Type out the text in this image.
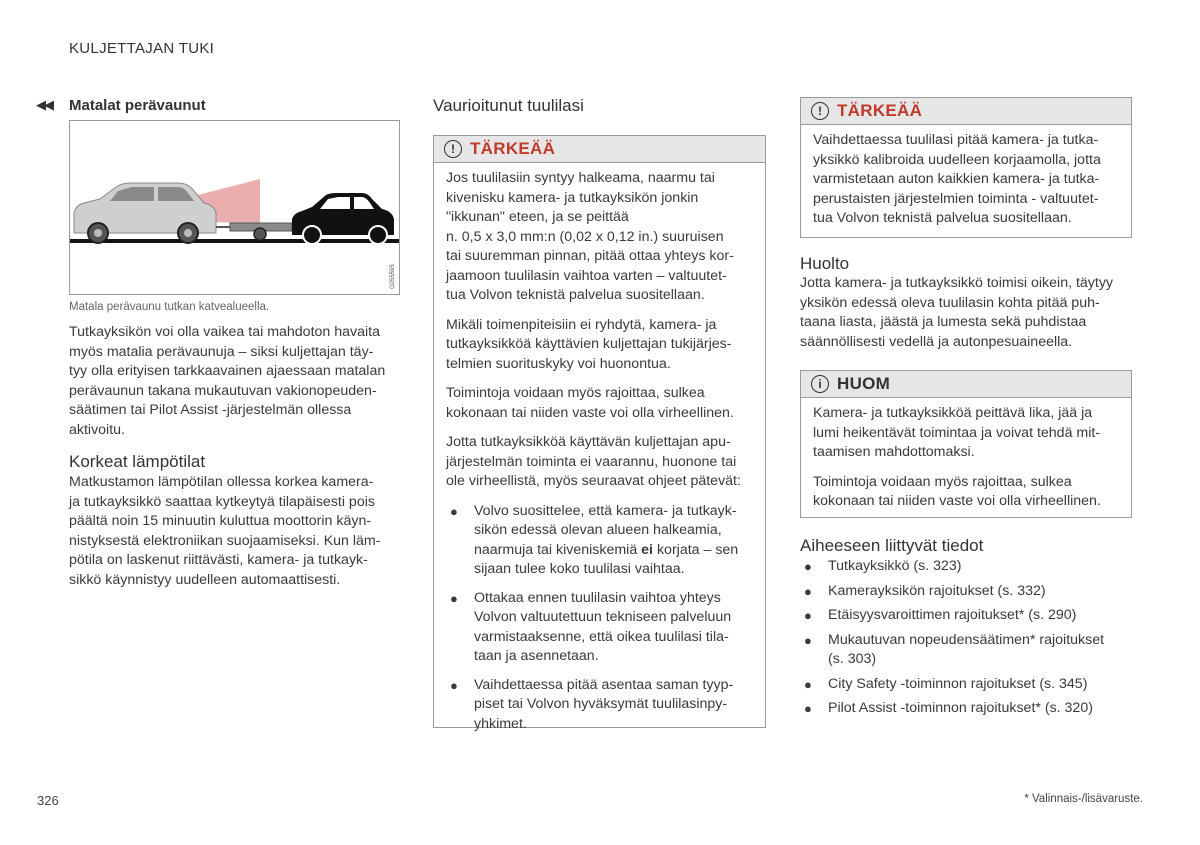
KULJETTAJAN TUKI
◀◀ Matalat perävaunut
G055595
Matala perävaunu tutkan katvealueella.

Tutkayksikön voi olla vaikea tai mahdoton havaita
myös matalia perävaunuja – siksi kuljettajan täy-
tyy olla erityisen tarkkaavainen ajaessaan matalan
perävaunun takana mukautuvan vakionopeuden-
säätimen tai Pilot Assist -järjestelmän ollessa
aktivoitu.

Korkeat lämpötilat

Matkustamon lämpötilan ollessa korkea kamera-
ja tutkayksikkö saattaa kytkeytyä tilapäisesti pois
päältä noin 15 minuutin kuluttua moottorin käyn-
nistyksestä elektroniikan suojaamiseksi. Kun läm-
pötila on laskenut riittävästi, kamera- ja tutkayk-
sikkö käynnistyy uudelleen automaattisesti.

Vaurioitunut tuulilasi
! TÄRKEÄÄ

Jos tuulilasiin syntyy halkeama, naarmu tai
kivenisku kamera- ja tutkayksikön jonkin
"ikkunan" eteen, ja se peittää
n. 0,5 x 3,0 mm:n (0,02 x 0,12 in.) suuruisen
tai suuremman pinnan, pitää ottaa yhteys kor-
jaamoon tuulilasin vaihtoa varten – valtuutet-
tua Volvon teknistä palvelua suositellaan.

Mikäli toimenpiteisiin ei ryhdytä, kamera- ja
tutkayksikköä käyttävien kuljettajan tukijärjes-
telmien suorituskyky voi huonontua.

Toimintoja voidaan myös rajoittaa, sulkea
kokonaan tai niiden vaste voi olla virheellinen.

Jotta tutkayksikköä käyttävän kuljettajan apu-
järjestelmän toiminta ei vaarannu, huonone tai
ole virheellistä, myös seuraavat ohjeet pätevät:

● Volvo suosittelee, että kamera- ja tutkayk-
sikön edessä olevan alueen halkeamia,
naarmuja tai kiveniskemiä ei korjata – sen
sijaan tulee koko tuulilasi vaihtaa.
● Ottakaa ennen tuulilasin vaihtoa yhteys
Volvon valtuutettuun tekniseen palveluun
varmistaaksenne, että oikea tuulilasi tila-
taan ja asennetaan.
● Vaihdettaessa pitää asentaa saman tyyp-
piset tai Volvon hyväksymät tuulilasinpy-
yhkimet.
! TÄRKEÄÄ

Vaihdettaessa tuulilasi pitää kamera- ja tutka-
yksikkö kalibroida uudelleen korjaamolla, jotta
varmistetaan auton kaikkien kamera- ja tutka-
perustaisten järjestelmien toiminta - valtuutet-
tua Volvon teknistä palvelua suositellaan.

Huolto

Jotta kamera- ja tutkayksikkö toimisi oikein, täytyy
yksikön edessä oleva tuulilasin kohta pitää puh-
taana liasta, jäästä ja lumesta sekä puhdistaa
säännöllisesti vedellä ja autonpesuaineella.

i HUOM

Kamera- ja tutkayksikköä peittävä lika, jää ja
lumi heikentävät toimintaa ja voivat tehdä mit-
taamisen mahdottomaksi.

Toimintoja voidaan myös rajoittaa, sulkea
kokonaan tai niiden vaste voi olla virheellinen.

Aiheeseen liittyvät tiedot
● Tutkayksikkö (s. 323)
● Kamerayksikön rajoitukset (s. 332)
● Etäisyysvaroittimen rajoitukset* (s. 290)
● Mukautuvan nopeudensäätimen* rajoitukset
(s. 303)
● City Safety -toiminnon rajoitukset (s. 345)
● Pilot Assist -toiminnon rajoitukset* (s. 320)
326	* Valinnais-/lisävaruste.
